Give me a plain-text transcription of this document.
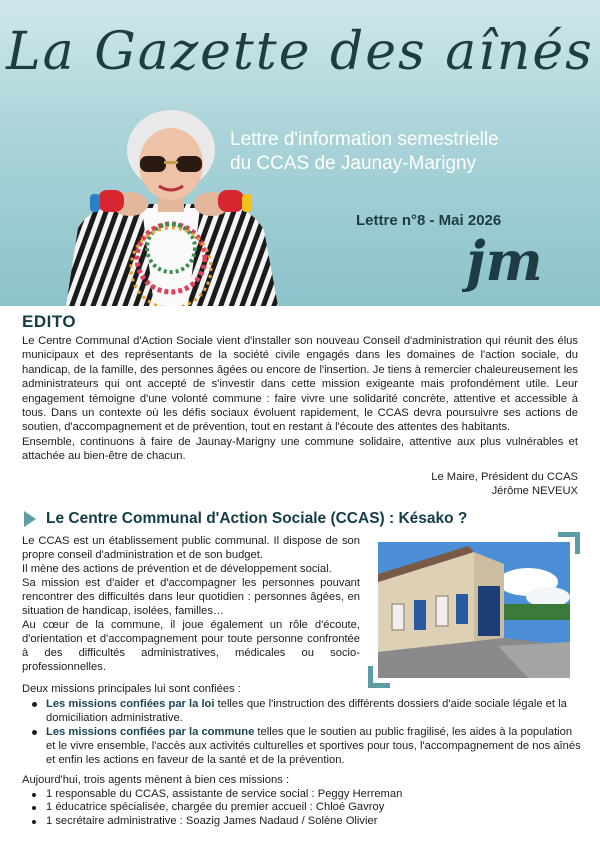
La Gazette des aînés
Lettre d'information semestrielle
du CCAS de Jaunay-Marigny
Lettre n°8 - Mai 2026
jm
EDITO

Le Centre Communal d'Action Sociale vient d'installer son nouveau Conseil d'administration qui réunit des élus municipaux et des représentants de la société civile engagés dans les domaines de l'action sociale, du handicap, de la famille, des personnes âgées ou encore de l'insertion. Je tiens à remercier chaleureusement les administrateurs qui ont accepté de s'investir dans cette mission exigeante mais profondément utile. Leur engagement témoigne d'une volonté commune : faire vivre une solidarité concrète, attentive et accessible à tous. Dans un contexte où les défis sociaux évoluent rapidement, le CCAS devra poursuivre ses actions de soutien, d'accompagnement et de prévention, tout en restant à l'écoute des attentes des habitants.

Ensemble, continuons à faire de Jaunay-Marigny une commune solidaire, attentive aux plus vulnérables et attachée au bien-être de chacun.

Le Maire, Président du CCAS
Jérôme NEVEUX
Le Centre Communal d'Action Sociale (CCAS) : Késako ?

Le CCAS est un établissement public communal. Il dispose de son propre conseil d'administration et de son budget.

Il mène des actions de prévention et de développement social.

Sa mission est d'aider et d'accompagner les personnes pouvant rencontrer des difficultés dans leur quotidien : personnes âgées, en situation de handicap, isolées, familles…

Au cœur de la commune, il joue également un rôle d'écoute, d'orientation et d'accompagnement pour toute personne confrontée à des difficultés administratives, médicales ou socio-professionnelles.

Deux missions principales lui sont confiées :
Les missions confiées par la loi telles que l'instruction des différents dossiers d'aide sociale légale et la domiciliation administrative.
Les missions confiées par la commune telles que le soutien au public fragilisé, les aides à la population et le vivre ensemble, l'accès aux activités culturelles et sportives pour tous, l'accompagnement de nos aînés et enfin les actions en faveur de la santé et de la prévention.
Aujourd'hui, trois agents mènent à bien ces missions :
1 responsable du CCAS, assistante de service social : Peggy Herreman
1 éducatrice spécialisée, chargée du premier accueil : Chloé Gavroy
1 secrétaire administrative : Soazig James Nadaud / Solène Olivier
